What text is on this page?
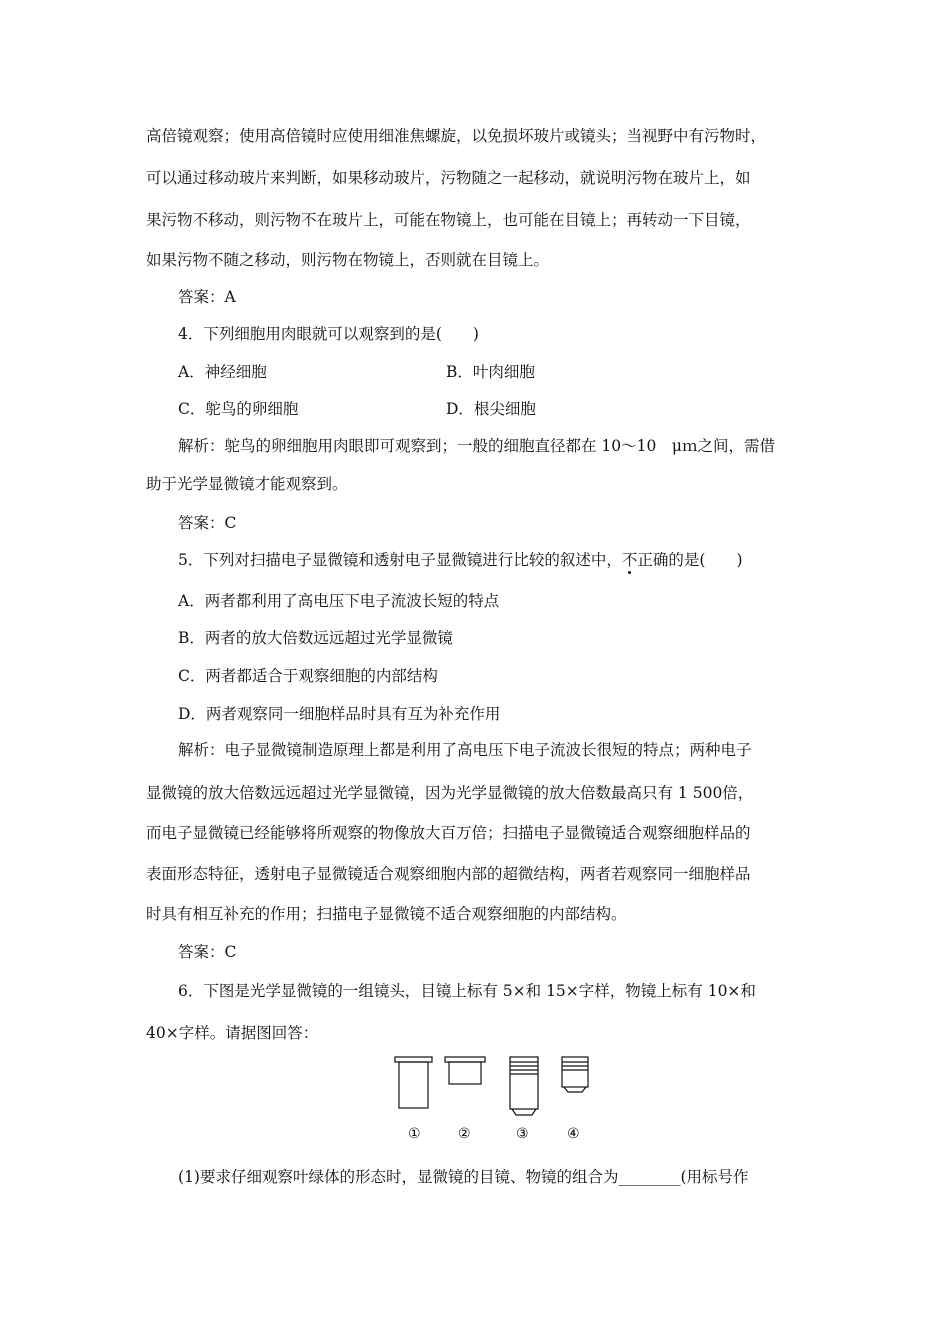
高倍镜观察；使用高倍镜时应使用细准焦螺旋，以免损坏玻片或镜头；当视野中有污物时，
可以通过移动玻片来判断，如果移动玻片，污物随之一起移动，就说明污物在玻片上，如
果污物不移动，则污物不在玻片上，可能在物镜上，也可能在目镜上；再转动一下目镜，
如果污物不随之移动，则污物在物镜上，否则就在目镜上。
答案：A
4．下列细胞用肉眼就可以观察到的是(　　)
A．神经细胞	B．叶肉细胞
C．鸵鸟的卵细胞	D．根尖细胞
解析：鸵鸟的卵细胞用肉眼即可观察到；一般的细胞直径都在 10～10　μｍ之间，需借
助于光学显微镜才能观察到。
答案：C
5．下列对扫描电子显微镜和透射电子显微镜进行比较的叙述中，不正确的是(　　)
A．两者都利用了高电压下电子流波长短的特点
B．两者的放大倍数远远超过光学显微镜
C．两者都适合于观察细胞的内部结构
D．两者观察同一细胞样品时具有互为补充作用
解析：电子显微镜制造原理上都是利用了高电压下电子流波长很短的特点；两种电子
显微镜的放大倍数远远超过光学显微镜，因为光学显微镜的放大倍数最高只有 1 500倍，
而电子显微镜已经能够将所观察的物像放大百万倍；扫描电子显微镜适合观察细胞样品的
表面形态特征，透射电子显微镜适合观察细胞内部的超微结构，两者若观察同一细胞样品
时具有相互补充的作用；扫描电子显微镜不适合观察细胞的内部结构。
答案：C
6．下图是光学显微镜的一组镜头，目镜上标有 5×和 15×字样，物镜上标有 10×和
40×字样。请据图回答：
①	②	③	④
(1)要求仔细观察叶绿体的形态时，显微镜的目镜、物镜的组合为________(用标号作
